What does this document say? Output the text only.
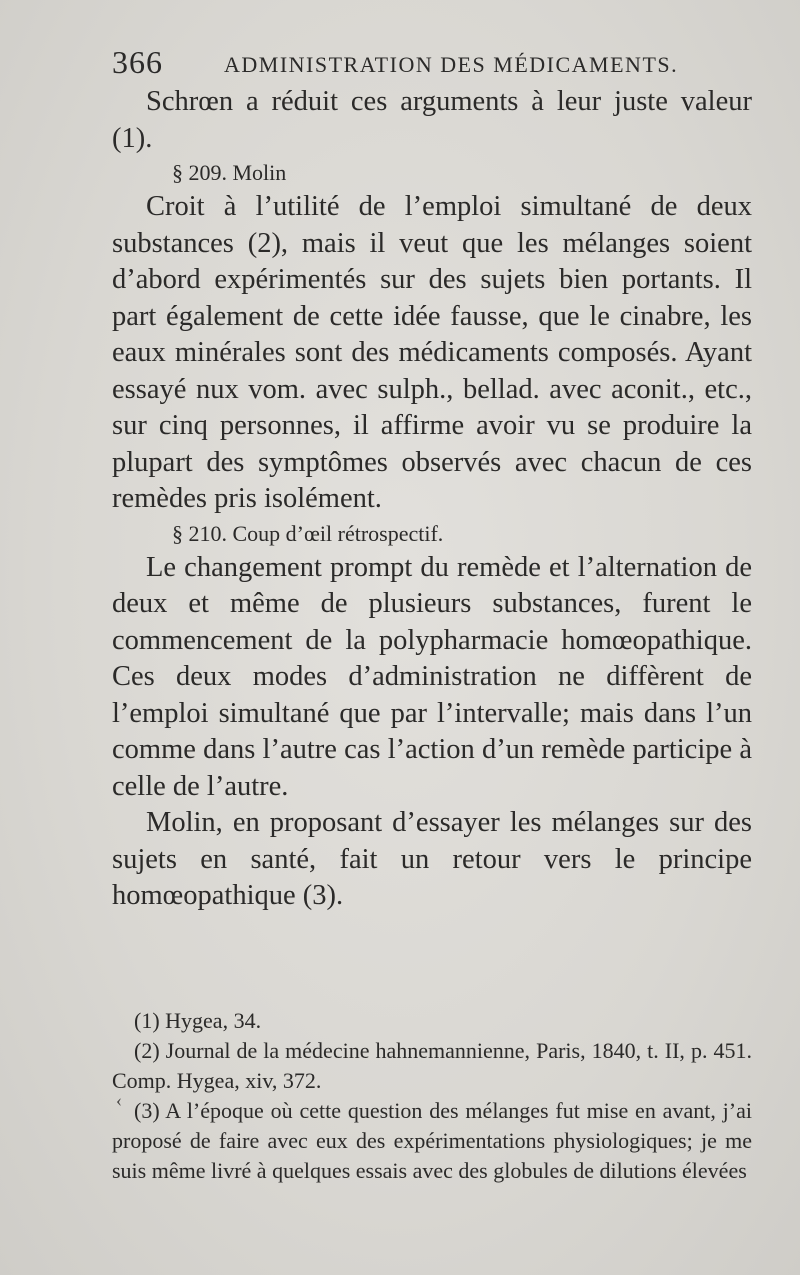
366	ADMINISTRATION DES MÉDICAMENTS.

Schrœn a réduit ces arguments à leur juste valeur (1).

§ 209. Molin

Croit à l’utilité de l’emploi simultané de deux substances (2), mais il veut que les mélanges soient d’abord expérimentés sur des sujets bien portants. Il part également de cette idée fausse, que le cinabre, les eaux minérales sont des médicaments composés. Ayant essayé nux vom. avec sulph., bellad. avec aconit., etc., sur cinq personnes, il affirme avoir vu se produire la plupart des symptômes observés avec chacun de ces remèdes pris isolément.

§ 210. Coup d’œil rétrospectif.

Le changement prompt du remède et l’alternation de deux et même de plusieurs substances, furent le commencement de la polypharmacie homœopathique. Ces deux modes d’administration ne diffèrent de l’emploi simultané que par l’intervalle; mais dans l’un comme dans l’autre cas l’action d’un remède participe à celle de l’autre.

Molin, en proposant d’essayer les mélanges sur des sujets en santé, fait un retour vers le principe homœopathique (3).

(1) Hygea, 34.

(2) Journal de la médecine hahnemannienne, Paris, 1840, t. II, p. 451. Comp. Hygea, xiv, 372.

(3) A l’époque où cette question des mélanges fut mise en avant, j’ai proposé de faire avec eux des expérimentations physiologiques; je me suis même livré à quelques essais avec des globules de dilutions élevées

‹
